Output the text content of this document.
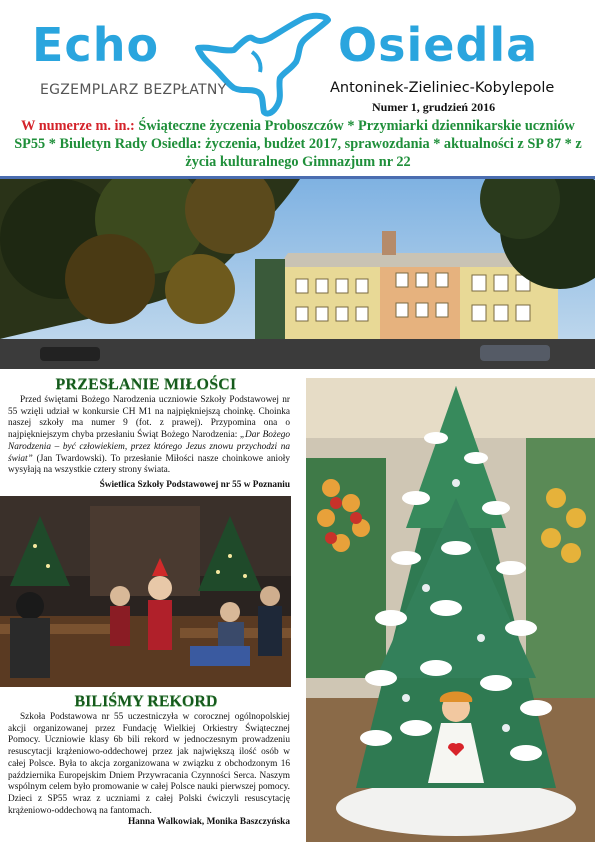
Echo	Osiedla
EGZEMPLARZ BEZPŁATNY	Antoninek-Zieliniec-Kobylepole
Numer 1, grudzień 2016
W numerze m. in.: Świąteczne życzenia Proboszczów * Przymiarki dziennikarskie uczniów SP55 * Biuletyn Rady Osiedla: życzenia, budżet 2017, sprawozdania * aktualności z SP 87 * z życia kulturalnego Gimnazjum nr 22
PRZESŁANIE MIŁOŚCI

Przed świętami Bożego Narodzenia uczniowie Szkoły Podstawowej nr 55 wzięli udział w konkursie CH M1 na najpiękniejszą choinkę. Choinka naszej szkoły ma numer 9 (fot. z prawej). Przypomina ona o najpiękniejszym chyba przesłaniu Świąt Bożego Narodzenia: „Dar Bożego Narodzenia – być człowiekiem, przez którego Jezus znowu przychodzi na świat” (Jan Twardowski). To przesłanie Miłości nasze choinkowe anioły wysyłają na wszystkie cztery strony świata.

Świetlica Szkoły Podstawowej nr 55 w Poznaniu
BILIŚMY REKORD

Szkoła Podstawowa nr 55 uczestniczyła w corocznej ogólnopolskiej akcji organizowanej przez Fundację Wielkiej Orkiestry Świątecznej Pomocy. Uczniowie klasy 6b bili rekord w jednoczesnym prowadzeniu resuscytacji krążeniowo-oddechowej przez jak największą ilość osób w całej Polsce. Była to akcja zorganizowana w związku z obchodzonym 16 października Europejskim Dniem Przywracania Czynności Serca. Naszym wspólnym celem było promowanie w całej Polsce nauki pierwszej pomocy. Dzieci z SP55 wraz z uczniami z całej Polski ćwiczyli resuscytację krążeniowo-oddechową na fantomach.

Hanna Walkowiak, Monika Baszczyńska
